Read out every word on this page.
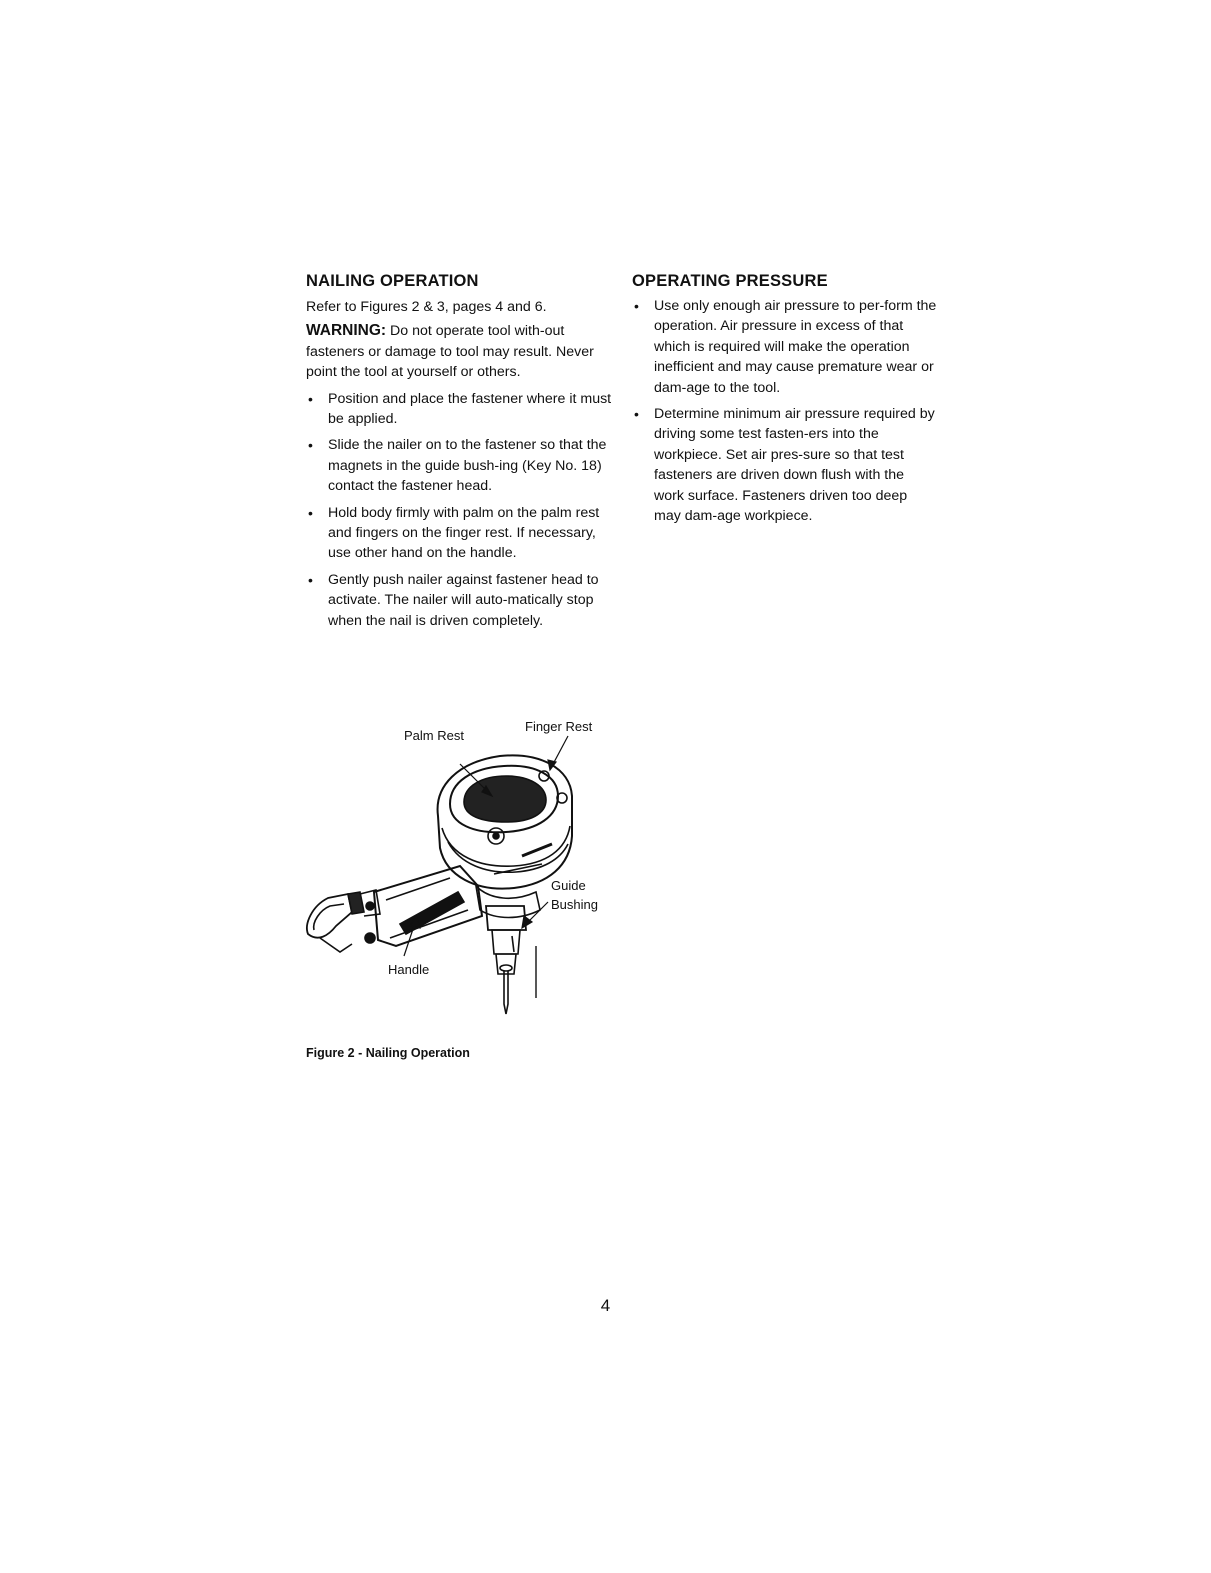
NAILING OPERATION

Refer to Figures 2 & 3, pages 4 and 6.

WARNING: Do not operate tool with-out fasteners or damage to tool may result. Never point the tool at yourself or others.

• Position and place the fastener where it must be applied.
• Slide the nailer on to the fastener so that the magnets in the guide bush-ing (Key No. 18) contact the fastener head.
• Hold body firmly with palm on the palm rest and fingers on the finger rest. If necessary, use other hand on the handle.
• Gently push nailer against fastener head to activate. The nailer will auto-matically stop when the nail is driven completely.
OPERATING PRESSURE
• Use only enough air pressure to per-form the operation. Air pressure in excess of that which is required will make the operation inefficient and may cause premature wear or dam-age to the tool.
• Determine minimum air pressure required by driving some test fasten-ers into the workpiece. Set air pres-sure so that test fasteners are driven down flush with the work surface. Fasteners driven too deep may dam-age workpiece.
Palm Rest
Finger Rest
Guide
Bushing
Handle
Figure 2 - Nailing Operation
4
